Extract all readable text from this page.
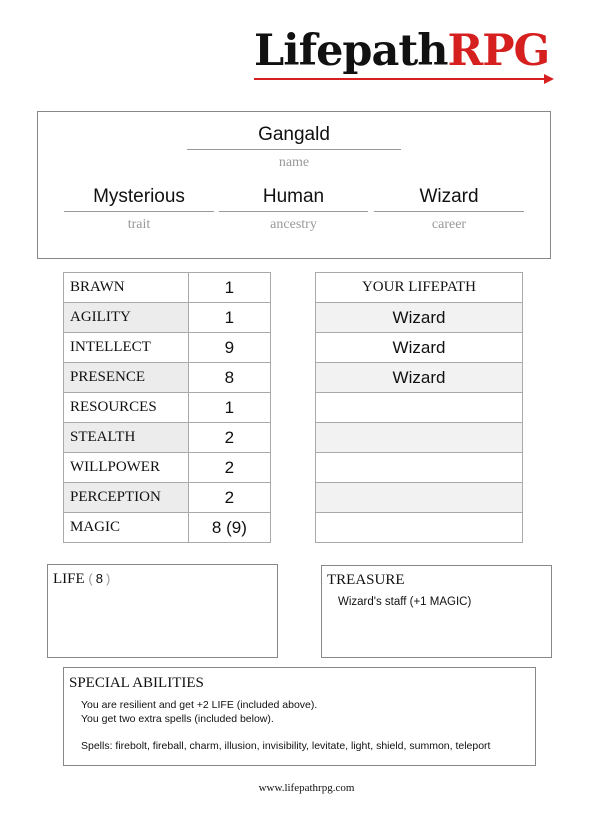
LifepathRPG
Gangald
name
Mysterious
trait
Human
ancestry
Wizard
career
BRAWN	1
AGILITY	1
INTELLECT	9
PRESENCE	8
RESOURCES	1
STEALTH	2
WILLPOWER	2
PERCEPTION	2
MAGIC	8 (9)
YOUR LIFEPATH
Wizard
Wizard
Wizard

LIFE ( 8 )	TREASURE
Wizard's staff (+1 MAGIC)
SPECIAL ABILITIES
You are resilient and get +2 LIFE (included above).
You get two extra spells (included below).
Spells: firebolt, fireball, charm, illusion, invisibility, levitate, light, shield, summon, teleport
www.lifepathrpg.com
